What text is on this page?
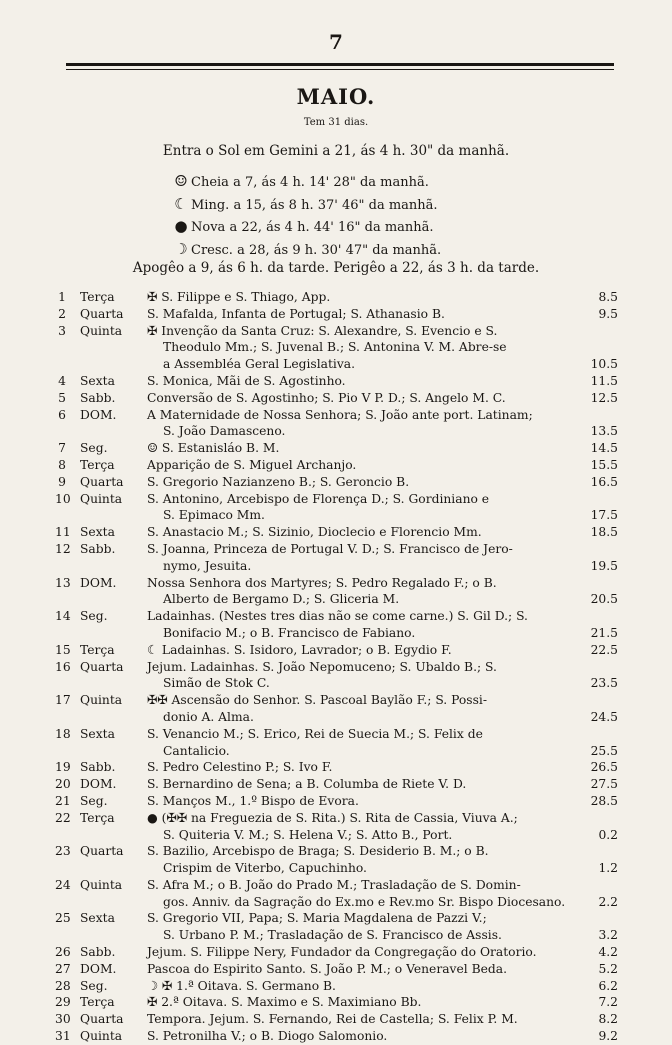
7
MAIO.
Tem 31 dias.
Entra o Sol em Gemini a 21, ás 4 h. 30" da manhã.
☺ Cheia a 7, ás 4 h. 14' 28" da manhã.
☾ Ming. a 15, ás 8 h. 37' 46" da manhã.
● Nova a 22, ás 4 h. 44' 16" da manhã.
☽ Cresc. a 28, ás 9 h. 30' 47" da manhã.
Apogêo a 9, ás 6 h. da tarde. Perigêo a 22, ás 3 h. da tarde.
1 Terça	✠ S. Filippe e S. Thiago, App.	8.5
2 Quarta	S. Mafalda, Infanta de Portugal; S. Athanasio B.	9.5
3 Quinta	✠ Invenção da Santa Cruz: S. Alexandre, S. Evencio e S.
Theodulo Mm.; S. Juvenal B.; S. Antonina V. M. Abre-se
a Assembléa Geral Legislativa.	10.5
4 Sexta	S. Monica, Mãi de S. Agostinho.	11.5
5 Sabb.	Conversão de S. Agostinho; S. Pio V P. D.; S. Angelo M. C.	12.5
6 DOM.	A Maternidade de Nossa Senhora; S. João ante port. Latinam;
S. João Damasceno.	13.5
7 Seg.	☺ S. Estanisláo B. M.	14.5
8 Terça	Apparição de S. Miguel Archanjo.	15.5
9 Quarta	S. Gregorio Nazianzeno B.; S. Geroncio B.	16.5
10 Quinta	S. Antonino, Arcebispo de Florença D.; S. Gordiniano e
S. Epimaco Mm.	17.5
11 Sexta	S. Anastacio M.; S. Sizinio, Diocleciо e Florencio Mm.	18.5
12 Sabb.	S. Joanna, Princeza de Portugal V. D.; S. Francisco de Jero-
nymo, Jesuita.	19.5
13 DOM.	Nossa Senhora dos Martyres; S. Pedro Regalado F.; o B.
Alberto de Bergamo D.; S. Gliceria M.	20.5
14 Seg.	Ladainhas. (Nestes tres dias não se come carne.) S. Gil D.; S.
Bonifacio M.; o B. Francisco de Fabiano.	21.5
15 Terça	☾ Ladainhas. S. Isidoro, Lavrador; o B. Egydio F.	22.5
16 Quarta	Jejum. Ladainhas. S. João Nepomuceno; S. Ubaldo B.; S.
Simão de Stok C.	23.5
17 Quinta	✠✠ Ascensão do Senhor. S. Pascoal Baylão F.; S. Possi-
donio A. Alma.	24.5
18 Sexta	S. Venancio M.; S. Erico, Rei de Suecia M.; S. Felix de
Cantalicio.	25.5
19 Sabb.	S. Pedro Celestino P.; S. Ivo F.	26.5
20 DOM.	S. Bernardino de Sena; a B. Columba de Riete V. D.	27.5
21 Seg.	S. Manços M., 1.º Bispo de Evora.	28.5
22 Terça	● (✠✠ na Freguezia de S. Rita.) S. Rita de Cassia, Viuva A.;
S. Quiteria V. M.; S. Helena V.; S. Atto B., Port.	0.2
23 Quarta	S. Bazilio, Arcebispo de Braga; S. Desiderio B. M.; o B.
Crispim de Viterbo, Capuchinho.	1.2
24 Quinta	S. Afra M.; o B. João do Prado M.; Trasladação de S. Domin-
gos. Anniv. da Sagração do Ex.mo e Rev.mo Sr. Bispo Diocesano.	2.2
25 Sexta	S. Gregorio VII, Papa; S. Maria Magdalena de Pazzi V.;
S. Urbano P. M.; Trasladação de S. Francisco de Assis.	3.2
26 Sabb.	Jejum. S. Filippe Nery, Fundador da Congregação do Oratorio.	4.2
27 DOM.	Pascoa do Espirito Santo. S. João P. M.; o Veneravel Beda.	5.2
28 Seg.	☽ ✠ 1.ª Oitava. S. Germano B.	6.2
29 Terça	✠ 2.ª Oitava. S. Maximo e S. Maximiano Bb.	7.2
30 Quarta	Tempora. Jejum. S. Fernando, Rei de Castella; S. Felix P. M.	8.2
31 Quinta	S. Petronilha V.; o B. Diogo Salomonio.	9.2
